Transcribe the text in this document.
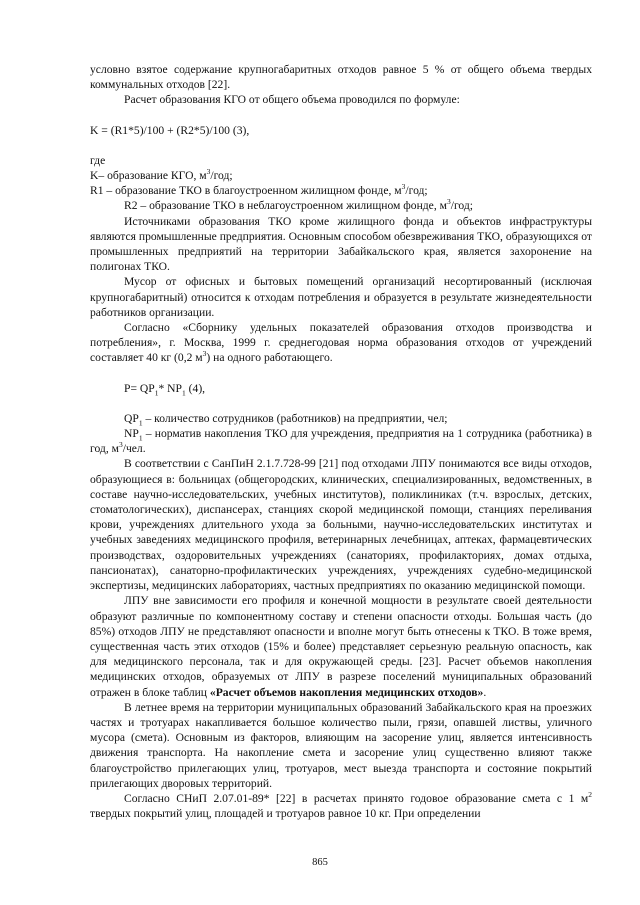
условно взятое содержание крупногабаритных отходов равное 5 % от общего объема твердых коммунальных отходов [22].

Расчет образования КГО от общего объема проводился по формуле:

K = (R1*5)/100 + (R2*5)/100 (3),

где

K– образование КГО, $м^3$/год;

R1 – образование ТКО в благоустроенном жилищном фонде, $м^3$/год;

R2 – образование ТКО в неблагоустроенном жилищном фонде, $м^3$/год;

Источниками образования ТКО кроме жилищного фонда и объектов инфраструктуры являются промышленные предприятия. Основным способом обезвреживания ТКО, образующихся от промышленных предприятий на территории Забайкальского края, является захоронение на полигонах ТКО.

Мусор от офисных и бытовых помещений организаций несортированный (исключая крупногабаритный) относится к отходам потребления и образуется в результате жизнедеятельности работников организации.

Согласно «Сборнику удельных показателей образования отходов производства и потребления», г. Москва, 1999 г. среднегодовая норма образования отходов от учреждений составляет 40 кг (0,2 $м^3$) на одного работающего.

$P= QP_1*$ $NP_1$ (4),

$QP_1$ – количество сотрудников (работников) на предприятии, чел;

$NP_1$ – норматив накопления ТКО для учреждения, предприятия на 1 сотрудника (работника) в год, $м^3$/чел.

В соответствии с СанПиН 2.1.7.728-99 [21] под отходами ЛПУ понимаются все виды отходов, образующиеся в: больницах (общегородских, клинических, специализированных, ведомственных, в составе научно-исследовательских, учебных институтов), поликлиниках (т.ч. взрослых, детских, стоматологических), диспансерах, станциях скорой медицинской помощи, станциях переливания крови, учреждениях длительного ухода за больными, научно-исследовательских институтах и учебных заведениях медицинского профиля, ветеринарных лечебницах, аптеках, фармацевтических производствах, оздоровительных учреждениях (санаториях, профилакториях, домах отдыха, пансионатах), санаторно-профилактических учреждениях, учреждениях судебно-медицинской экспертизы, медицинских лабораториях, частных предприятиях по оказанию медицинской помощи.

ЛПУ вне зависимости его профиля и конечной мощности в результате своей деятельности образуют различные по компонентному составу и степени опасности отходы. Большая часть (до 85%) отходов ЛПУ не представляют опасности и вполне могут быть отнесены к ТКО. В тоже время, существенная часть этих отходов (15% и более) представляет серьезную реальную опасность, как для медицинского персонала, так и для окружающей среды. [23]. Расчет объемов накопления медицинских отходов, образуемых от ЛПУ в разрезе поселений муниципальных образований отражен в блоке таблиц «Расчет объемов накопления медицинских отходов».

В летнее время на территории муниципальных образований Забайкальского края на проезжих частях и тротуарах накапливается большое количество пыли, грязи, опавшей листвы, уличного мусора (смета). Основным из факторов, влияющим на засорение улиц, является интенсивность движения транспорта. На накопление смета и засорение улиц существенно влияют также благоустройство прилегающих улиц, тротуаров, мест выезда транспорта и состояние покрытий прилегающих дворовых территорий.

Согласно СНиП 2.07.01-89* [22] в расчетах принято годовое образование смета с 1 $м^2$ твердых покрытий улиц, площадей и тротуаров равное 10 кг. При определении

865
